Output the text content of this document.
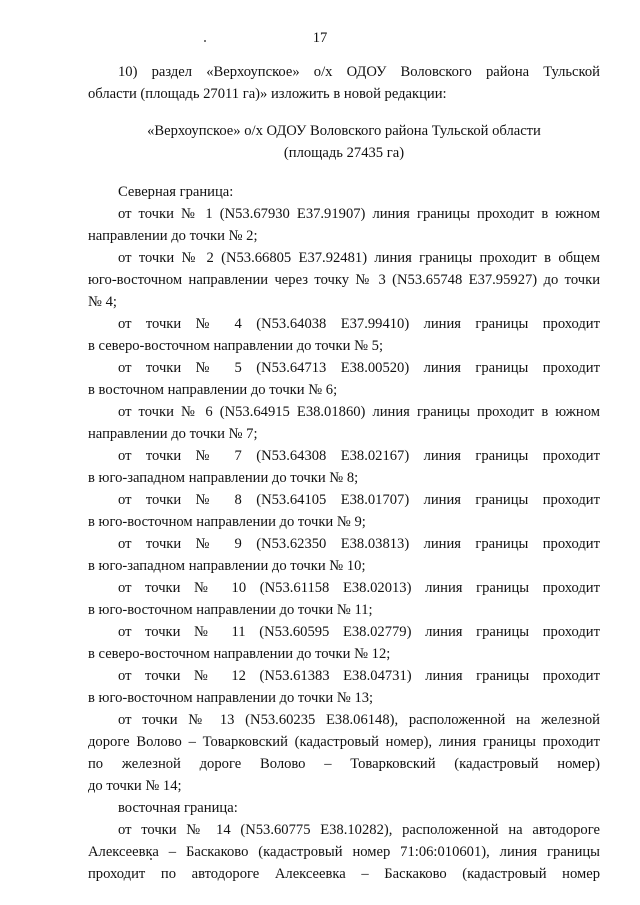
17
10) раздел «Верхоупское» о/х ОДОУ Воловского района Тульской
области (площадь 27011 га)» изложить в новой редакции:
«Верхоупское» о/х ОДОУ Воловского района Тульской области
(площадь 27435 га)
Северная граница:
от точки № 1 (N53.67930 E37.91907) линия границы проходит в южном
направлении до точки № 2;
от точки № 2 (N53.66805 E37.92481) линия границы проходит в общем
юго-восточном направлении через точку № 3 (N53.65748 E37.95927) до точки
№ 4;
от точки № 4 (N53.64038 E37.99410) линия границы проходит
в северо-восточном направлении до точки № 5;
от точки № 5 (N53.64713 E38.00520) линия границы проходит
в восточном направлении до точки № 6;
от точки № 6 (N53.64915 E38.01860) линия границы проходит в южном
направлении до точки № 7;
от точки № 7 (N53.64308 E38.02167) линия границы проходит
в юго-западном направлении до точки № 8;
от точки № 8 (N53.64105 E38.01707) линия границы проходит
в юго-восточном направлении до точки № 9;
от точки № 9 (N53.62350 E38.03813) линия границы проходит
в юго-западном направлении до точки № 10;
от точки № 10 (N53.61158 E38.02013) линия границы проходит
в юго-восточном направлении до точки № 11;
от точки № 11 (N53.60595 E38.02779) линия границы проходит
в северо-восточном направлении до точки № 12;
от точки № 12 (N53.61383 E38.04731) линия границы проходит
в юго-восточном направлении до точки № 13;
от точки № 13 (N53.60235 E38.06148), расположенной на железной
дороге Волово – Товарковский (кадастровый номер), линия границы проходит
по железной дороге Волово – Товарковский (кадастровый номер)
до точки № 14;
восточная граница:
от точки № 14 (N53.60775 E38.10282), расположенной на автодороге
Алексеевка – Баскаково (кадастровый номер 71:06:010601), линия границы
проходит по автодороге Алексеевка – Баскаково (кадастровый номер
